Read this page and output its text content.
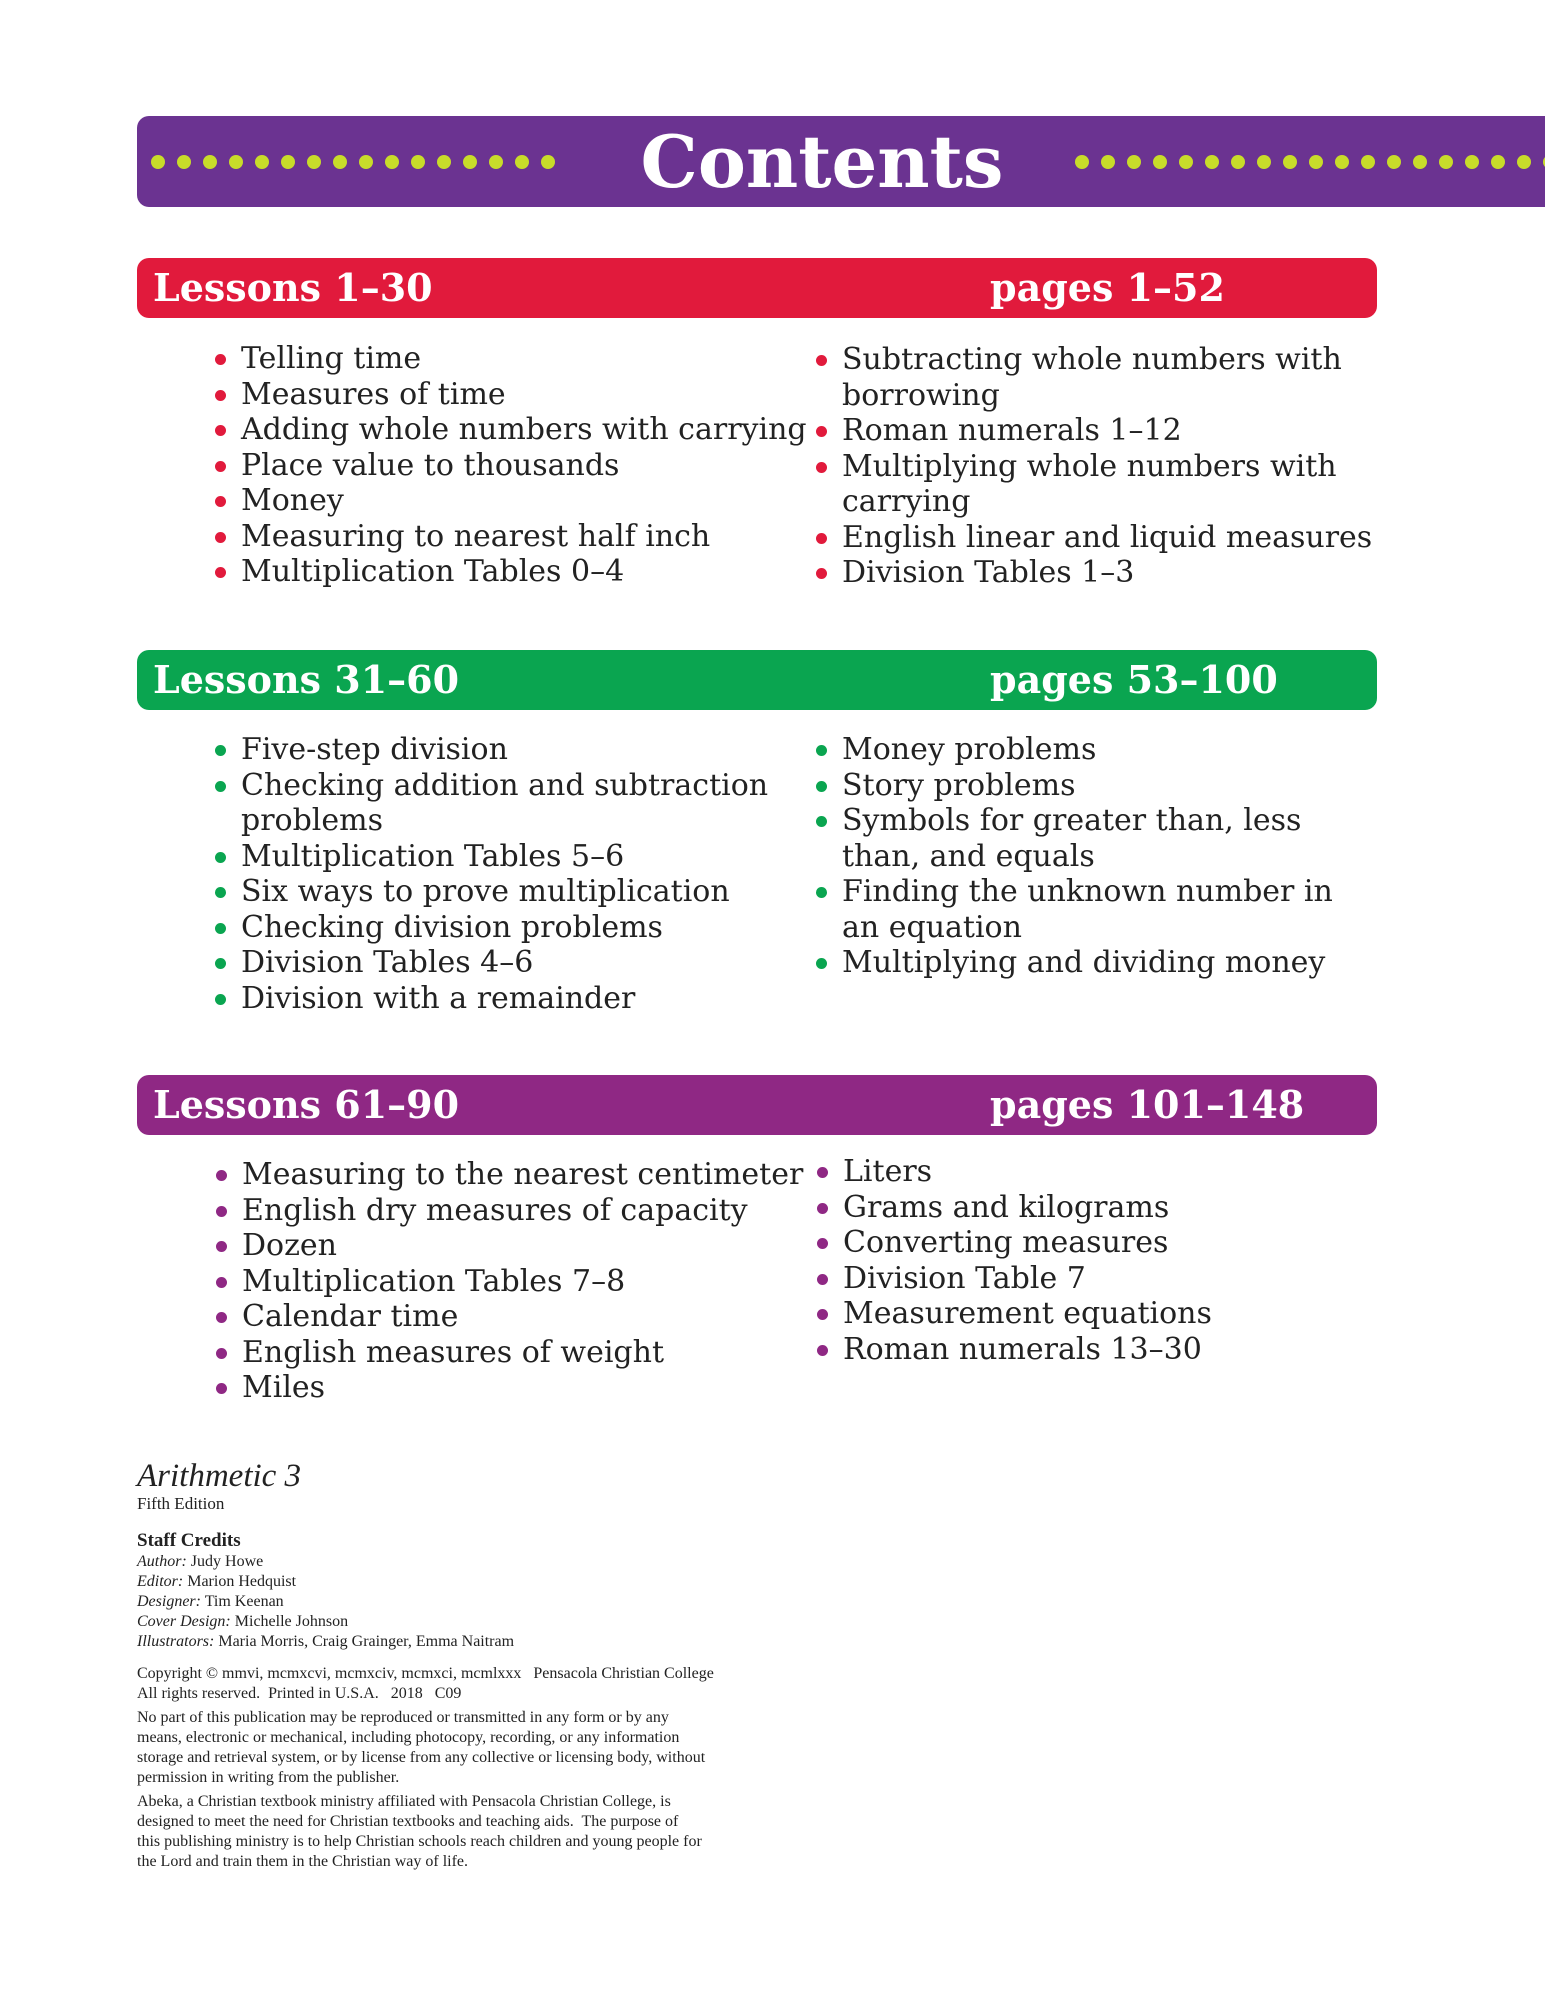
Contents
Lessons 1–30	pages 1–52
Telling time
Measures of time
Adding whole numbers with carrying
Place value to thousands
Money
Measuring to nearest half inch
Multiplication Tables 0–4
Subtracting whole numbers with borrowing
Roman numerals 1–12
Multiplying whole numbers with carrying
English linear and liquid measures
Division Tables 1–3
Lessons 31–60	pages 53–100
Five-step division
Checking addition and subtraction problems
Multiplication Tables 5–6
Six ways to prove multiplication
Checking division problems
Division Tables 4–6
Division with a remainder
Money problems
Story problems
Symbols for greater than, less than, and equals
Finding the unknown number in an equation
Multiplying and dividing money
Lessons 61–90	pages 101–148
Measuring to the nearest centimeter
English dry measures of capacity
Dozen
Multiplication Tables 7–8
Calendar time
English measures of weight
Miles
Liters
Grams and kilograms
Converting measures
Division Table 7
Measurement equations
Roman numerals 13–30

Arithmetic 3

Fifth Edition

Staff Credits

Author: Judy Howe

Editor: Marion Hedquist

Designer: Tim Keenan

Cover Design: Michelle Johnson

Illustrators: Maria Morris, Craig Grainger, Emma Naitram

Copyright © mmvi, mcmxcvi, mcmxciv, mcmxci, mcmlxxx   Pensacola Christian College

All rights reserved.  Printed in U.S.A.   2018   C09

No part of this publication may be reproduced or transmitted in any form or by any

means, electronic or mechanical, including photocopy, recording, or any information

storage and retrieval system, or by license from any collective or licensing body, without

permission in writing from the publisher.

Abeka, a Christian textbook ministry affiliated with Pensacola Christian College, is

designed to meet the need for Christian textbooks and teaching aids.  The purpose of

this publishing ministry is to help Christian schools reach children and young people for

the Lord and train them in the Christian way of life.
